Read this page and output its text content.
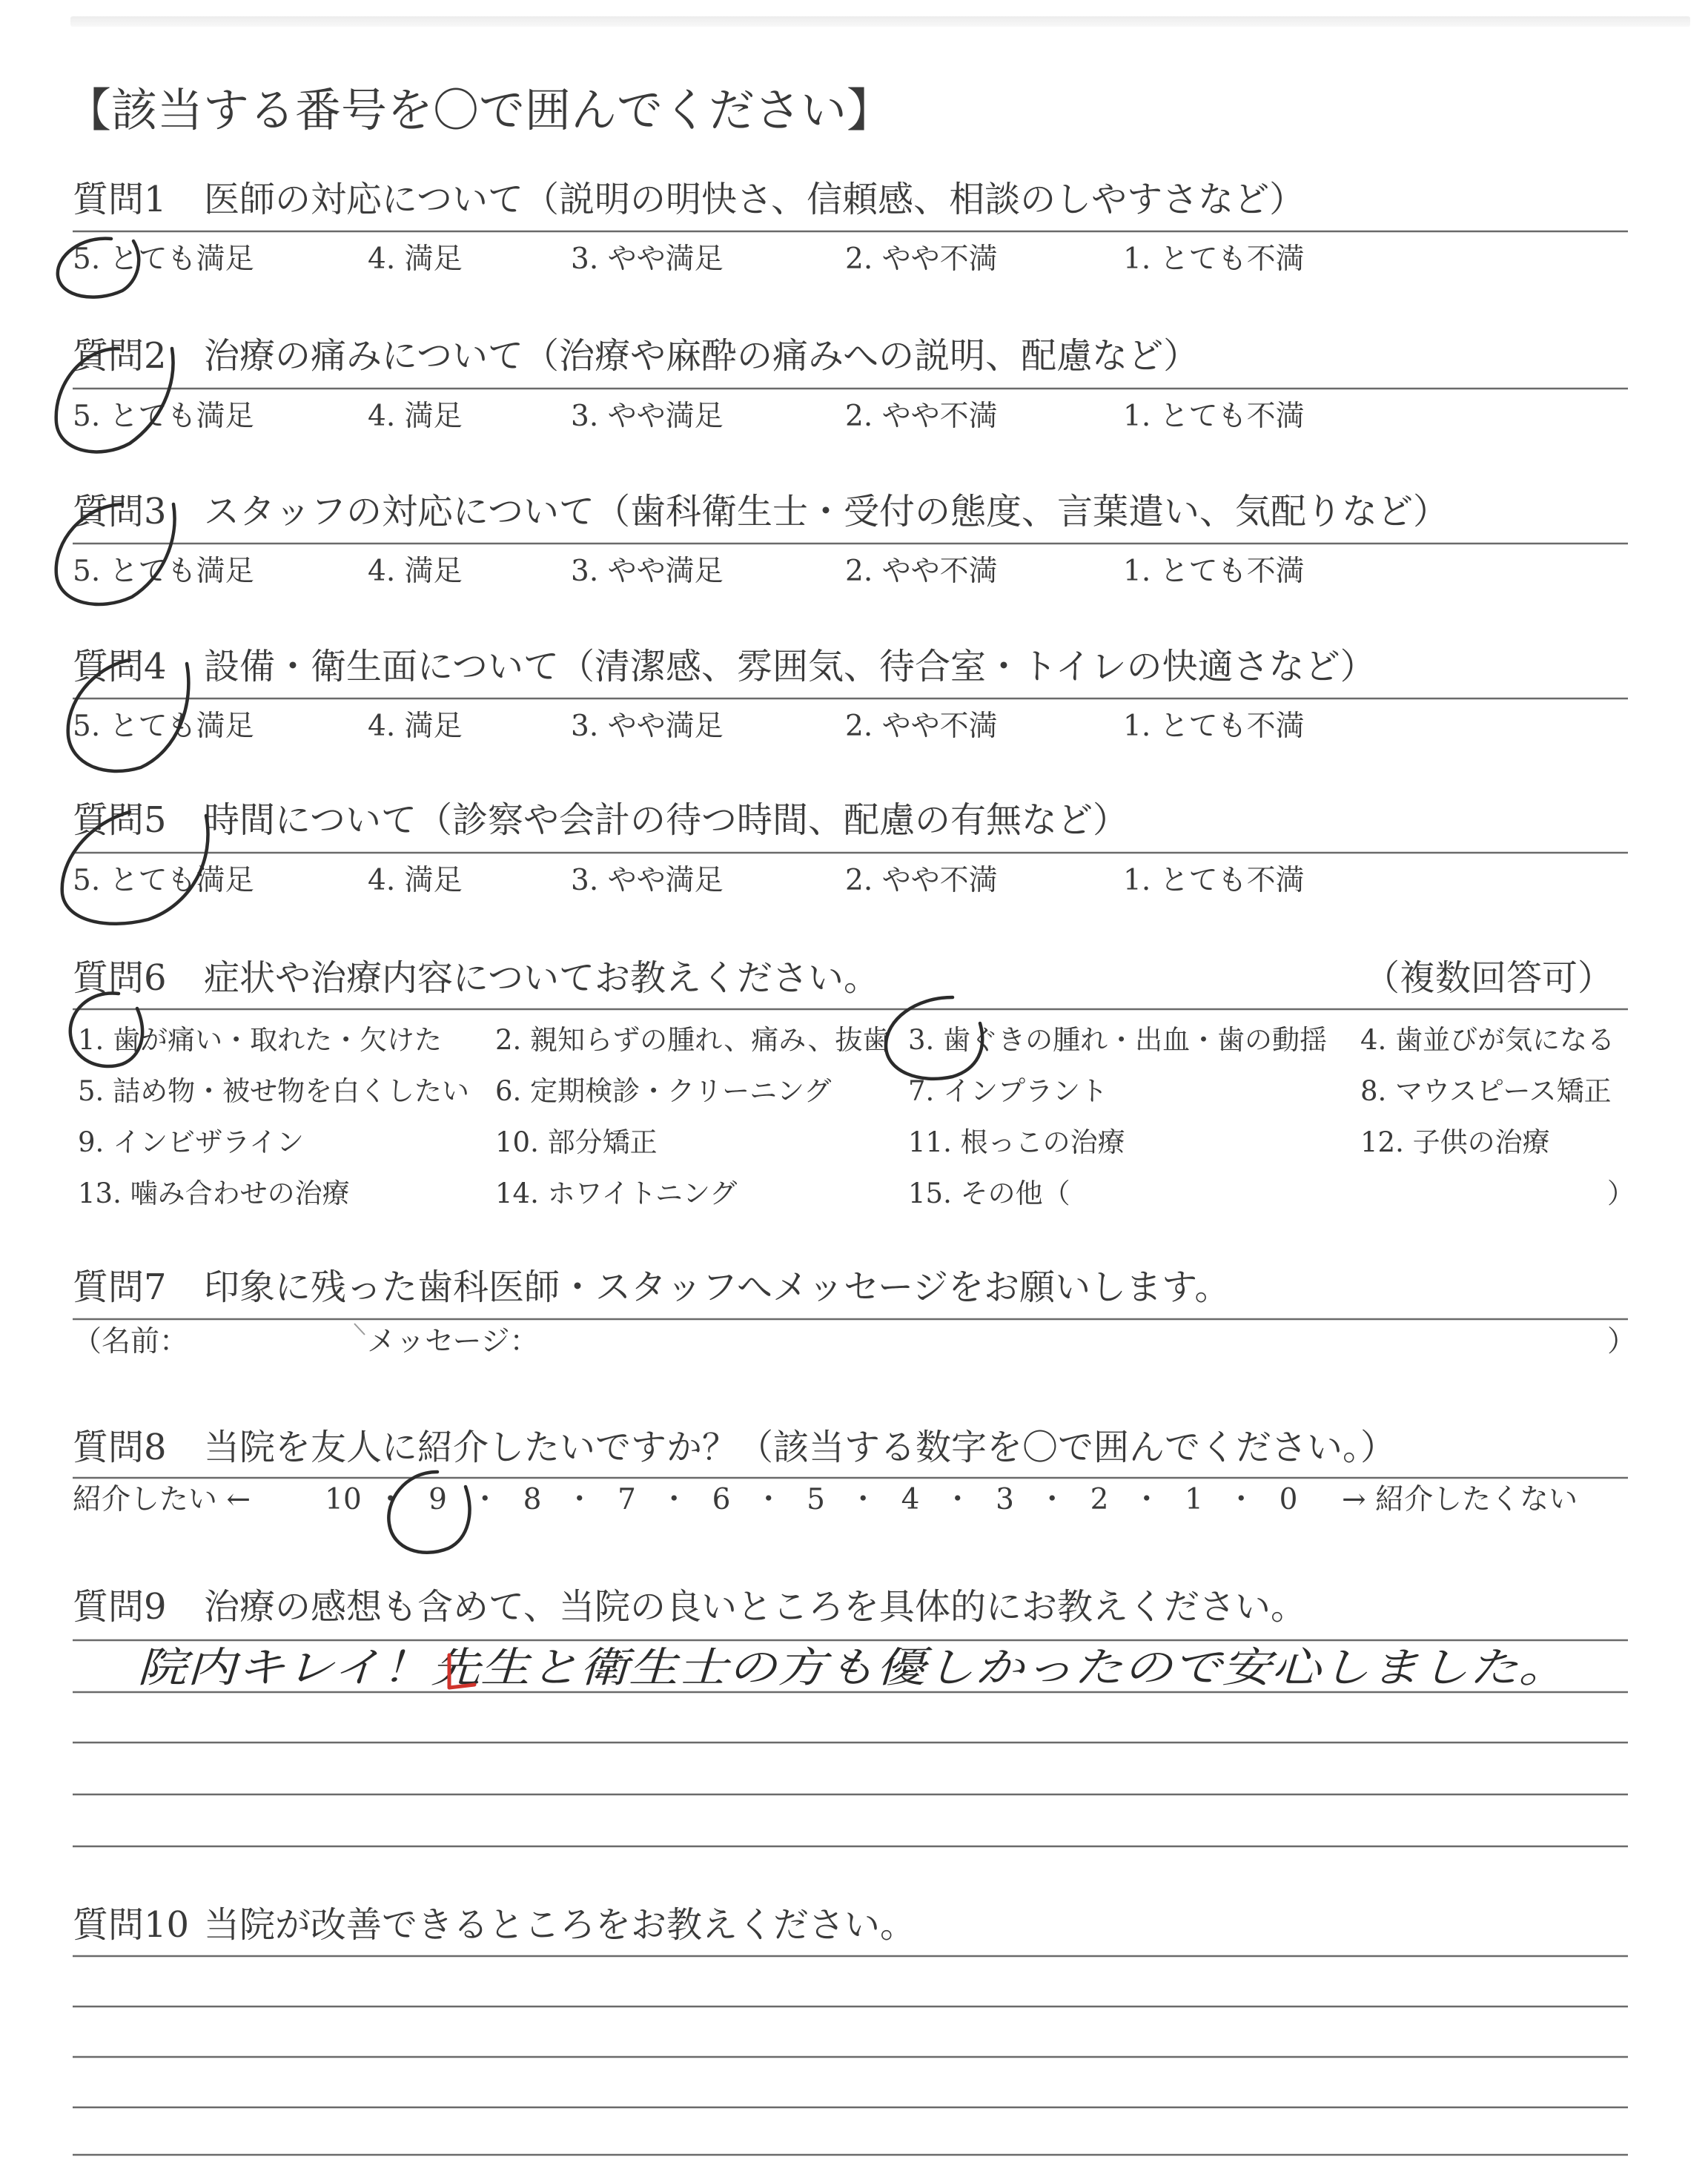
【該当する番号を〇で囲んでください】
質問1 医師の対応について（説明の明快さ、信頼感、相談のしやすさなど）
5. とても満足	4. 満足	3. やや満足	2. やや不満	1. とても不満
質問2 治療の痛みについて（治療や麻酔の痛みへの説明、配慮など）
5. とても満足	4. 満足	3. やや満足	2. やや不満	1. とても不満
質問3 スタッフの対応について（歯科衛生士・受付の態度、言葉遣い、気配りなど）
5. とても満足	4. 満足	3. やや満足	2. やや不満	1. とても不満
質問4 設備・衛生面について（清潔感、雰囲気、待合室・トイレの快適さなど）
5. とても満足	4. 満足	3. やや満足	2. やや不満	1. とても不満
質問5 時間について（診察や会計の待つ時間、配慮の有無など）
5. とても満足	4. 満足	3. やや満足	2. やや不満	1. とても不満
質問6 症状や治療内容についてお教えください。	（複数回答可）
1. 歯が痛い・取れた・欠けた 2. 親知らずの腫れ、痛み、抜歯 3. 歯ぐきの腫れ・出血・歯の動揺 4. 歯並びが気になる
5. 詰め物・被せ物を白くしたい 6. 定期検診・クリーニング	7. インプラント	8. マウスピース矯正
9. インビザライン	10. 部分矯正	11. 根っこの治療	12. 子供の治療
13. 噛み合わせの治療	14. ホワイトニング	15. その他（	）
質問7 印象に残った歯科医師・スタッフへメッセージをお願いします。
（名前：	メッセージ：	）
質問8 当院を友人に紹介したいですか？（該当する数字を〇で囲んでください。）
紹介したい ←	→ 紹介したくない
10 ・ 9 ・ 8 ・ 7 ・ 6 ・ 5 ・ 4 ・ 3 ・ 2 ・ 1 ・ 0
質問9 治療の感想も含めて、当院の良いところを具体的にお教えください。
院内キレイ！先生と衛生士の方も優しかったので安心しました。
質問10 当院が改善できるところをお教えください。
